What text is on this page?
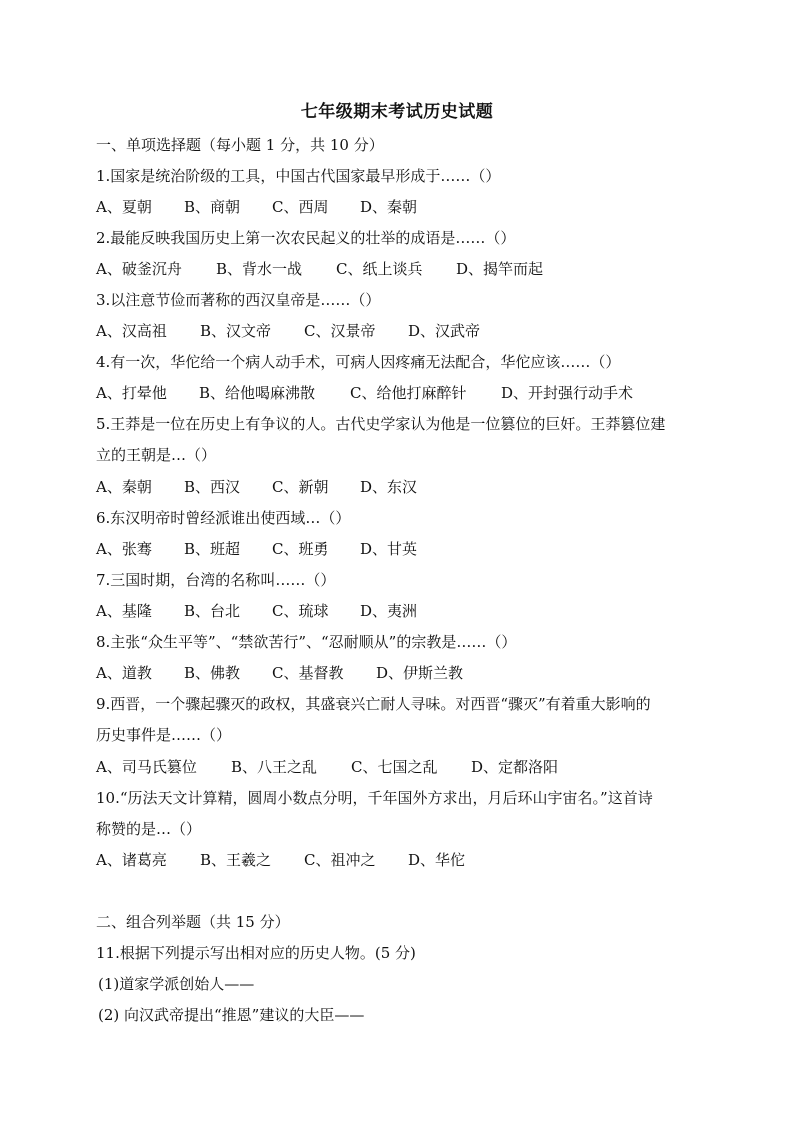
七年级期末考试历史试题
一、单项选择题（每小题 1 分，共 10 分）
1.国家是统治阶级的工具，中国古代国家最早形成于……（）
A、夏朝 B、商朝 C、西周 D、秦朝
2.最能反映我国历史上第一次农民起义的壮举的成语是……（）
A、破釜沉舟 B、背水一战 C、纸上谈兵 D、揭竿而起
3.以注意节俭而著称的西汉皇帝是……（）
A、汉高祖 B、汉文帝 C、汉景帝 D、汉武帝
4.有一次，华佗给一个病人动手术，可病人因疼痛无法配合，华佗应该……（）
A、打晕他 B、给他喝麻沸散 C、给他打麻醉针 D、开封强行动手术
5.王莽是一位在历史上有争议的人。古代史学家认为他是一位篡位的巨奸。王莽篡位建
立的王朝是…（）
A、秦朝 B、西汉 C、新朝 D、东汉
6.东汉明帝时曾经派谁出使西域…（）
A、张骞 B、班超 C、班勇 D、甘英
7.三国时期，台湾的名称叫……（）
A、基隆 B、台北 C、琉球 D、夷洲
8.主张“众生平等”、“禁欲苦行”、“忍耐顺从”的宗教是……（）
A、道教 B、佛教 C、基督教 D、伊斯兰教
9.西晋，一个骤起骤灭的政权，其盛衰兴亡耐人寻味。对西晋“骤灭”有着重大影响的
历史事件是……（）
A、司马氏篡位 B、八王之乱 C、七国之乱 D、定都洛阳
10.“历法天文计算精，圆周小数点分明，千年国外方求出，月后环山宇宙名。”这首诗
称赞的是…（）
A、诸葛亮 B、王羲之 C、祖冲之 D、华佗
二、组合列举题（共 15 分）
11.根据下列提示写出相对应的历史人物。(5 分)
(1)道家学派创始人——
(2) 向汉武帝提出“推恩”建议的大臣——
